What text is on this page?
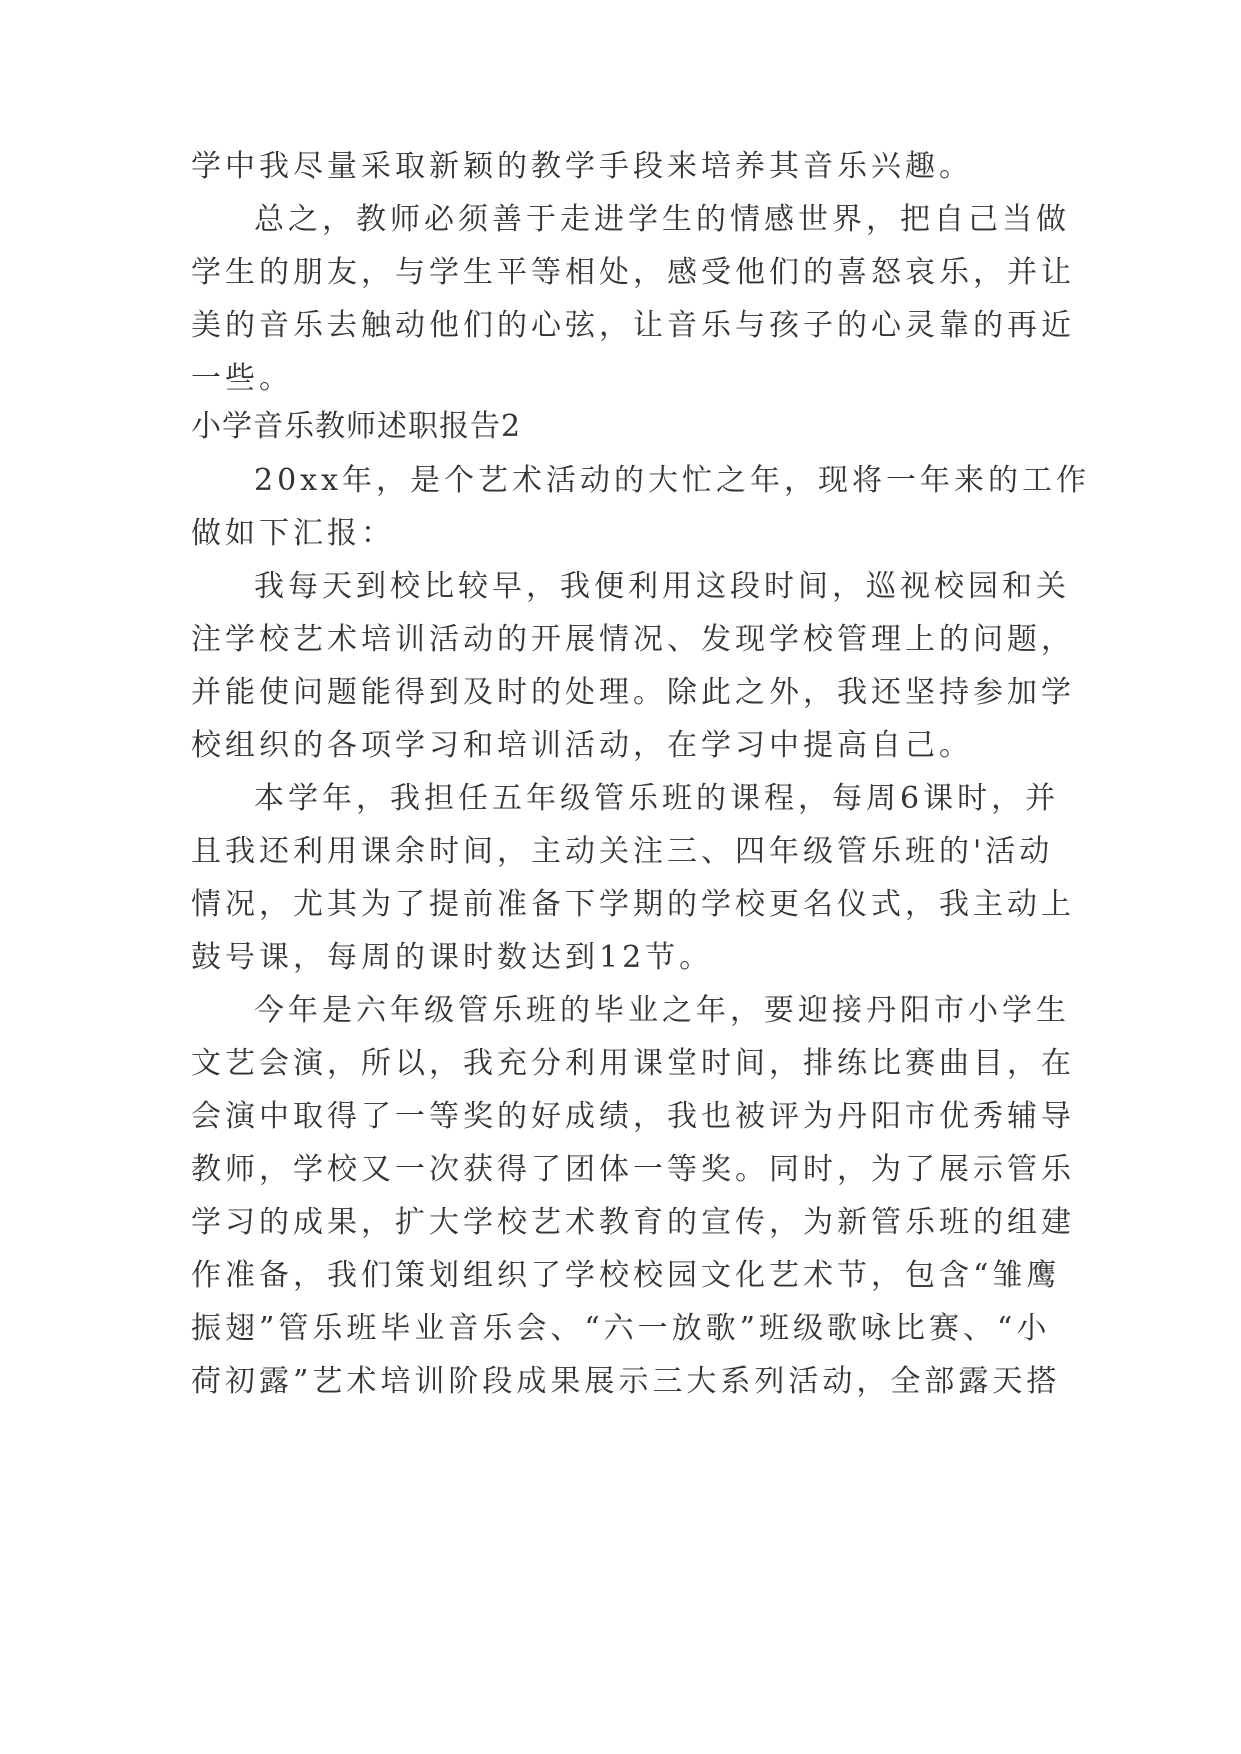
学中我尽量采取新颖的教学手段来培养其音乐兴趣。

总之，教师必须善于走进学生的情感世界，把自己当做

学生的朋友，与学生平等相处，感受他们的喜怒哀乐，并让

美的音乐去触动他们的心弦，让音乐与孩子的心灵靠的再近

一些。

小学音乐教师述职报告2

20xx年，是个艺术活动的大忙之年，现将一年来的工作

做如下汇报：

我每天到校比较早，我便利用这段时间，巡视校园和关

注学校艺术培训活动的开展情况、发现学校管理上的问题，

并能使问题能得到及时的处理。除此之外，我还坚持参加学

校组织的各项学习和培训活动，在学习中提高自己。

本学年，我担任五年级管乐班的课程，每周6课时，并

且我还利用课余时间，主动关注三、四年级管乐班的'活动

情况，尤其为了提前准备下学期的学校更名仪式，我主动上

鼓号课，每周的课时数达到12节。

今年是六年级管乐班的毕业之年，要迎接丹阳市小学生

文艺会演，所以，我充分利用课堂时间，排练比赛曲目，在

会演中取得了一等奖的好成绩，我也被评为丹阳市优秀辅导

教师，学校又一次获得了团体一等奖。同时，为了展示管乐

学习的成果，扩大学校艺术教育的宣传，为新管乐班的组建

作准备，我们策划组织了学校校园文化艺术节，包含“雏鹰

振翅”管乐班毕业音乐会、“六一放歌”班级歌咏比赛、“小

荷初露”艺术培训阶段成果展示三大系列活动，全部露天搭
